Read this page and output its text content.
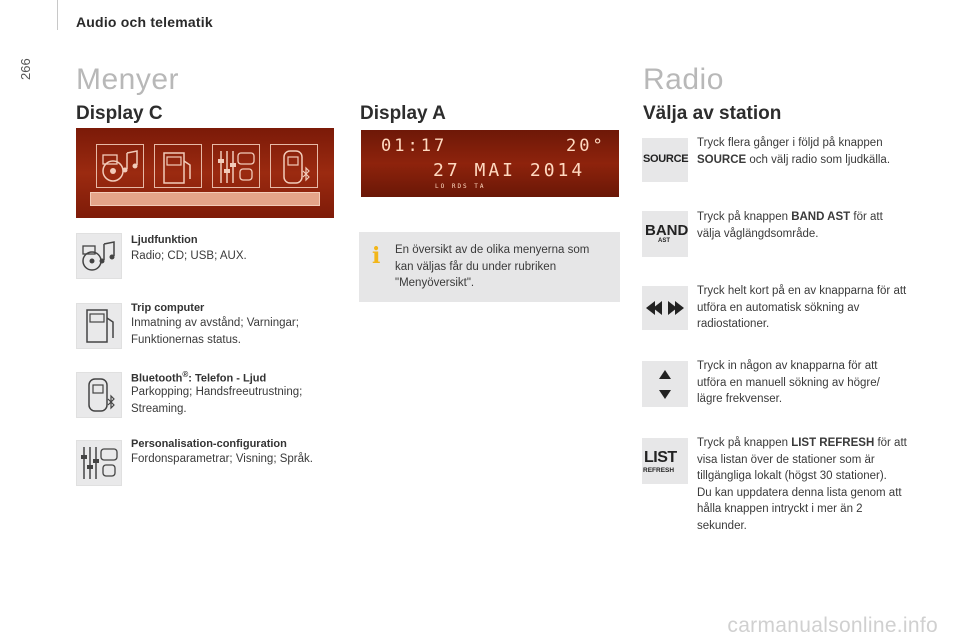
Audio och telematik
266 Menyer
Display C
Ljudfunktion
Radio; CD; USB; AUX.
Trip computer
Inmatning av avstånd; Varningar; Funktionernas status.
Bluetooth®: Telefon - Ljud
Parkopping; Handsfreeutrustning; Streaming.
Personalisation-configuration
Fordonsparametrar; Visning; Språk.
Display A
01:17	20°
27 MAI 2014
LO RDS TA
i En översikt av de olika menyerna som kan väljas får du under rubriken "Menyöversikt".
Radio
Välja av station
SOURCE
Tryck flera gånger i följd på knappen SOURCE och välj radio som ljudkälla.
BAND
AST
Tryck på knappen BAND AST för att välja våglängdsområde.
Tryck helt kort på en av knapparna för att utföra en automatisk sökning av radiostationer.
Tryck in någon av knapparna för att utföra en manuell sökning av högre/ lägre frekvenser.
LIST
REFRESH
Tryck på knappen LIST REFRESH för att visa listan över de stationer som är tillgängliga lokalt (högst 30 stationer).
Du kan uppdatera denna lista genom att hålla knappen intryckt i mer än 2 sekunder.
carmanualsonline.info
